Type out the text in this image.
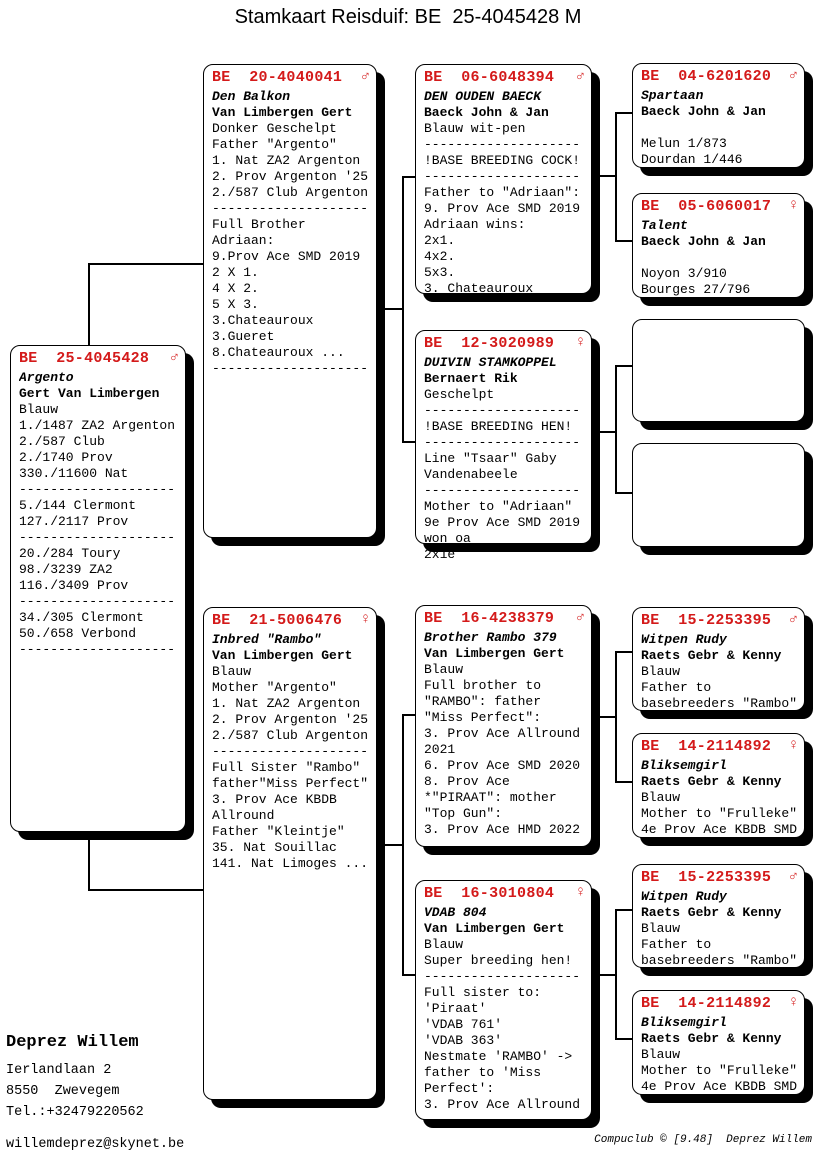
Stamkaart Reisduif: BE  25-4045428 M
BE  25-4045428 ♂
Argento
Gert Van Limbergen
Blauw
1./1487 ZA2 Argenton
2./587 Club
2./1740 Prov
330./11600 Nat
--------------------
5./144 Clermont
127./2117 Prov
--------------------
20./284 Toury
98./3239 ZA2
116./3409 Prov
--------------------
34./305 Clermont
50./658 Verbond
--------------------
BE  20-4040041 ♂
Den Balkon
Van Limbergen Gert
Donker Geschelpt
Father "Argento"
1. Nat ZA2 Argenton
2. Prov Argenton '25
2./587 Club Argenton
--------------------
Full Brother
Adriaan:
9.Prov Ace SMD 2019
2 X 1.
4 X 2.
5 X 3.
3.Chateauroux
3.Gueret
8.Chateauroux ...
--------------------
BE  21-5006476 ♀
Inbred "Rambo"
Van Limbergen Gert
Blauw
Mother "Argento"
1. Nat ZA2 Argenton
2. Prov Argenton '25
2./587 Club Argenton
--------------------
Full Sister "Rambo"
father"Miss Perfect"
3. Prov Ace KBDB
Allround
Father "Kleintje"
35. Nat Souillac
141. Nat Limoges ...
BE  06-6048394 ♂
DEN OUDEN BAECK
Baeck John & Jan
Blauw wit-pen
--------------------
!BASE BREEDING COCK!
--------------------
Father to "Adriaan":
9. Prov Ace SMD 2019
Adriaan wins:
2x1.
4x2.
5x3.
3. Chateauroux
BE  12-3020989 ♀
DUIVIN STAMKOPPEL
Bernaert Rik
Geschelpt
--------------------
!BASE BREEDING HEN!
--------------------
Line "Tsaar" Gaby
Vandenabeele
--------------------
Mother to "Adriaan"
9e Prov Ace SMD 2019
won oa
2x1e
BE  16-4238379 ♂
Brother Rambo 379
Van Limbergen Gert
Blauw
Full brother to
"RAMBO": father
"Miss Perfect":
3. Prov Ace Allround
2021
6. Prov Ace SMD 2020
8. Prov Ace
*"PIRAAT": mother
"Top Gun":
3. Prov Ace HMD 2022
BE  16-3010804 ♀
VDAB 804
Van Limbergen Gert
Blauw
Super breeding hen!
--------------------
Full sister to:
'Piraat'
'VDAB 761'
'VDAB 363'
Nestmate 'RAMBO' ->
father to 'Miss
Perfect':
3. Prov Ace Allround
BE  04-6201620 ♂
Spartaan
Baeck John & Jan
Melun 1/873
Dourdan 1/446
BE  05-6060017 ♀
Talent
Baeck John & Jan
Noyon 3/910
Bourges 27/796
BE  15-2253395 ♂
Witpen Rudy
Raets Gebr & Kenny
Blauw
Father to
basebreeders "Rambo"
BE  14-2114892 ♀
Bliksemgirl
Raets Gebr & Kenny
Blauw
Mother to "Frulleke"
4e Prov Ace KBDB SMD
BE  15-2253395 ♂
Witpen Rudy
Raets Gebr & Kenny
Blauw
Father to
basebreeders "Rambo"
BE  14-2114892 ♀
Bliksemgirl
Raets Gebr & Kenny
Blauw
Mother to "Frulleke"
4e Prov Ace KBDB SMD
Deprez Willem
Ierlandlaan 2
8550  Zwevegem
Tel.:+32479220562
willemdeprez@skynet.be	Compuclub © [9.48]  Deprez Willem
